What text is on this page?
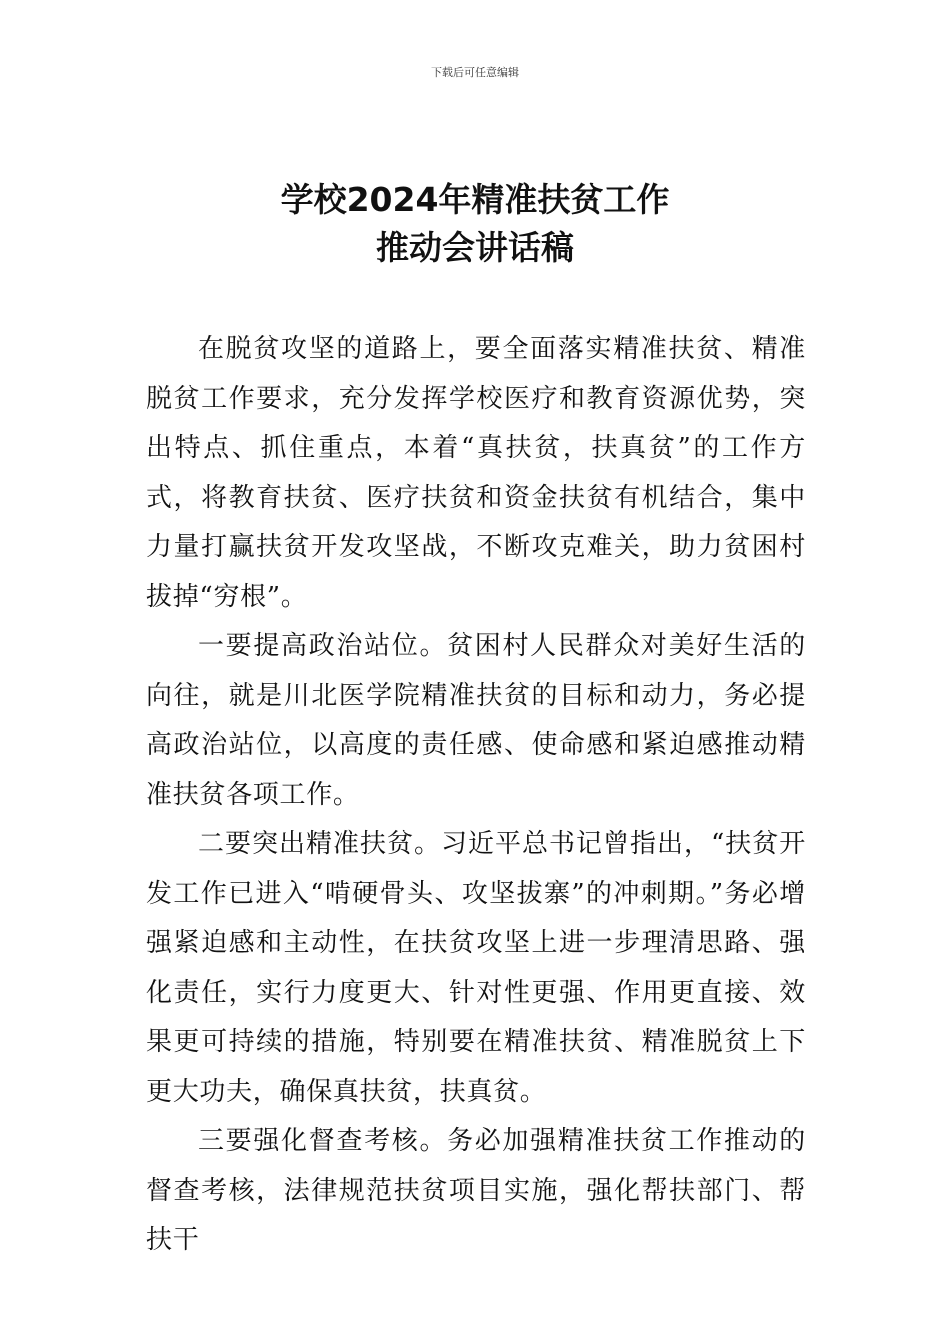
下载后可任意编辑
学校2024年精准扶贫工作
推动会讲话稿

在脱贫攻坚的道路上，要全面落实精准扶贫、精准脱贫工作要求，充分发挥学校医疗和教育资源优势，突出特点、抓住重点，本着“真扶贫，扶真贫”的工作方式，将教育扶贫、医疗扶贫和资金扶贫有机结合，集中力量打赢扶贫开发攻坚战，不断攻克难关，助力贫困村拔掉“穷根”。

一要提高政治站位。贫困村人民群众对美好生活的向往，就是川北医学院精准扶贫的目标和动力，务必提高政治站位，以高度的责任感、使命感和紧迫感推动精准扶贫各项工作。

二要突出精准扶贫。习近平总书记曾指出，“扶贫开发工作已进入“啃硬骨头、攻坚拔寨”的冲刺期。”务必增强紧迫感和主动性，在扶贫攻坚上进一步理清思路、强化责任，实行力度更大、针对性更强、作用更直接、效果更可持续的措施，特别要在精准扶贫、精准脱贫上下更大功夫，确保真扶贫，扶真贫。

三要强化督查考核。务必加强精准扶贫工作推动的督查考核，法律规范扶贫项目实施，强化帮扶部门、帮扶干
